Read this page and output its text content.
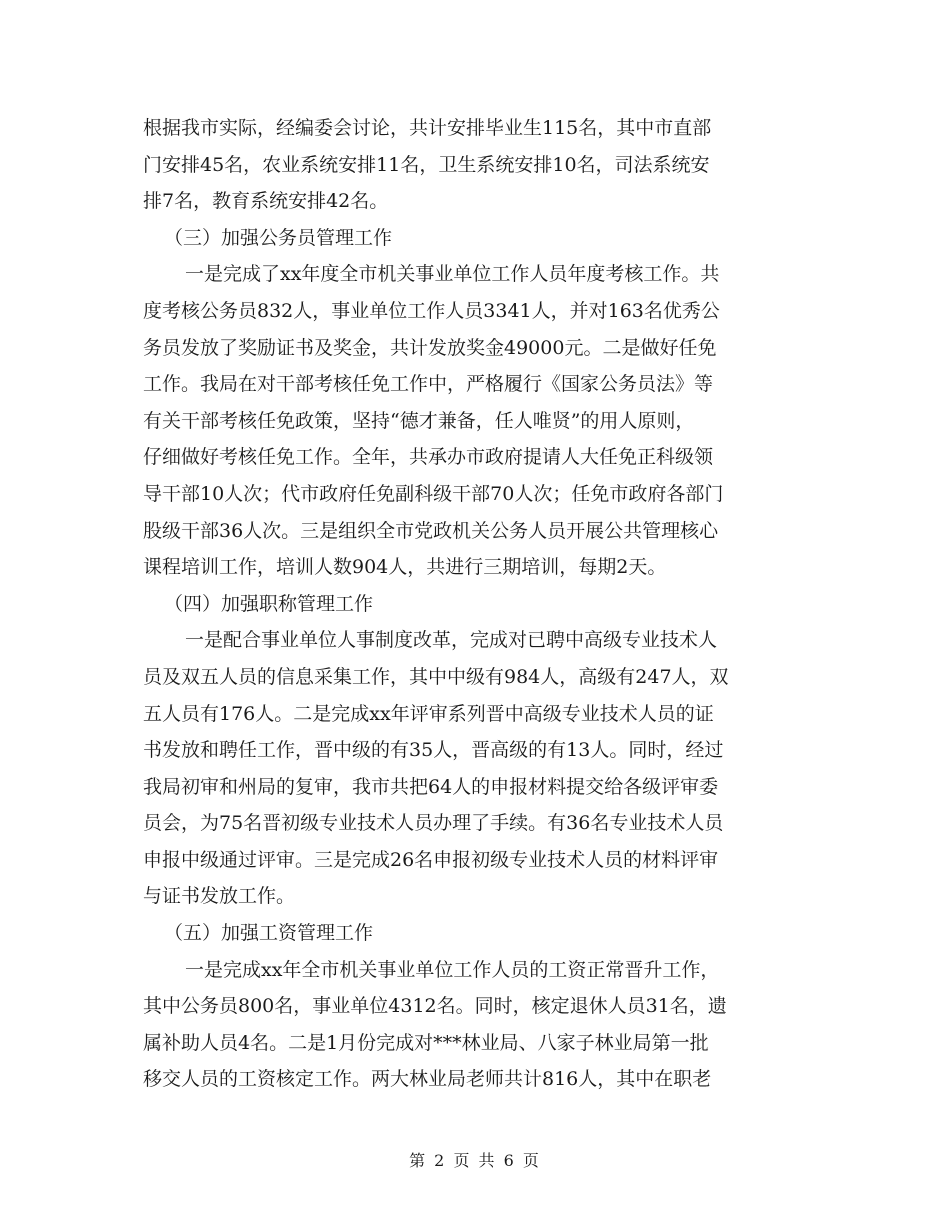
根据我市实际，经编委会讨论，共计安排毕业生115名，其中市直部
门安排45名，农业系统安排11名，卫生系统安排10名，司法系统安
排7名，教育系统安排42名。
（三）加强公务员管理工作
一是完成了xx年度全市机关事业单位工作人员年度考核工作。共
度考核公务员832人，事业单位工作人员3341人，并对163名优秀公
务员发放了奖励证书及奖金，共计发放奖金49000元。二是做好任免
工作。我局在对干部考核任免工作中，严格履行《国家公务员法》等
有关干部考核任免政策，坚持“德才兼备，任人唯贤”的用人原则，
仔细做好考核任免工作。全年，共承办市政府提请人大任免正科级领
导干部10人次；代市政府任免副科级干部70人次；任免市政府各部门
股级干部36人次。三是组织全市党政机关公务人员开展公共管理核心
课程培训工作，培训人数904人，共进行三期培训，每期2天。
（四）加强职称管理工作
一是配合事业单位人事制度改革，完成对已聘中高级专业技术人
员及双五人员的信息采集工作，其中中级有984人，高级有247人，双
五人员有176人。二是完成xx年评审系列晋中高级专业技术人员的证
书发放和聘任工作，晋中级的有35人，晋高级的有13人。同时，经过
我局初审和州局的复审，我市共把64人的申报材料提交给各级评审委
员会，为75名晋初级专业技术人员办理了手续。有36名专业技术人员
申报中级通过评审。三是完成26名申报初级专业技术人员的材料评审
与证书发放工作。
（五）加强工资管理工作
一是完成xx年全市机关事业单位工作人员的工资正常晋升工作，
其中公务员800名，事业单位4312名。同时，核定退休人员31名，遗
属补助人员4名。二是1月份完成对***林业局、八家子林业局第一批
移交人员的工资核定工作。两大林业局老师共计816人，其中在职老
第 2 页 共 6 页
